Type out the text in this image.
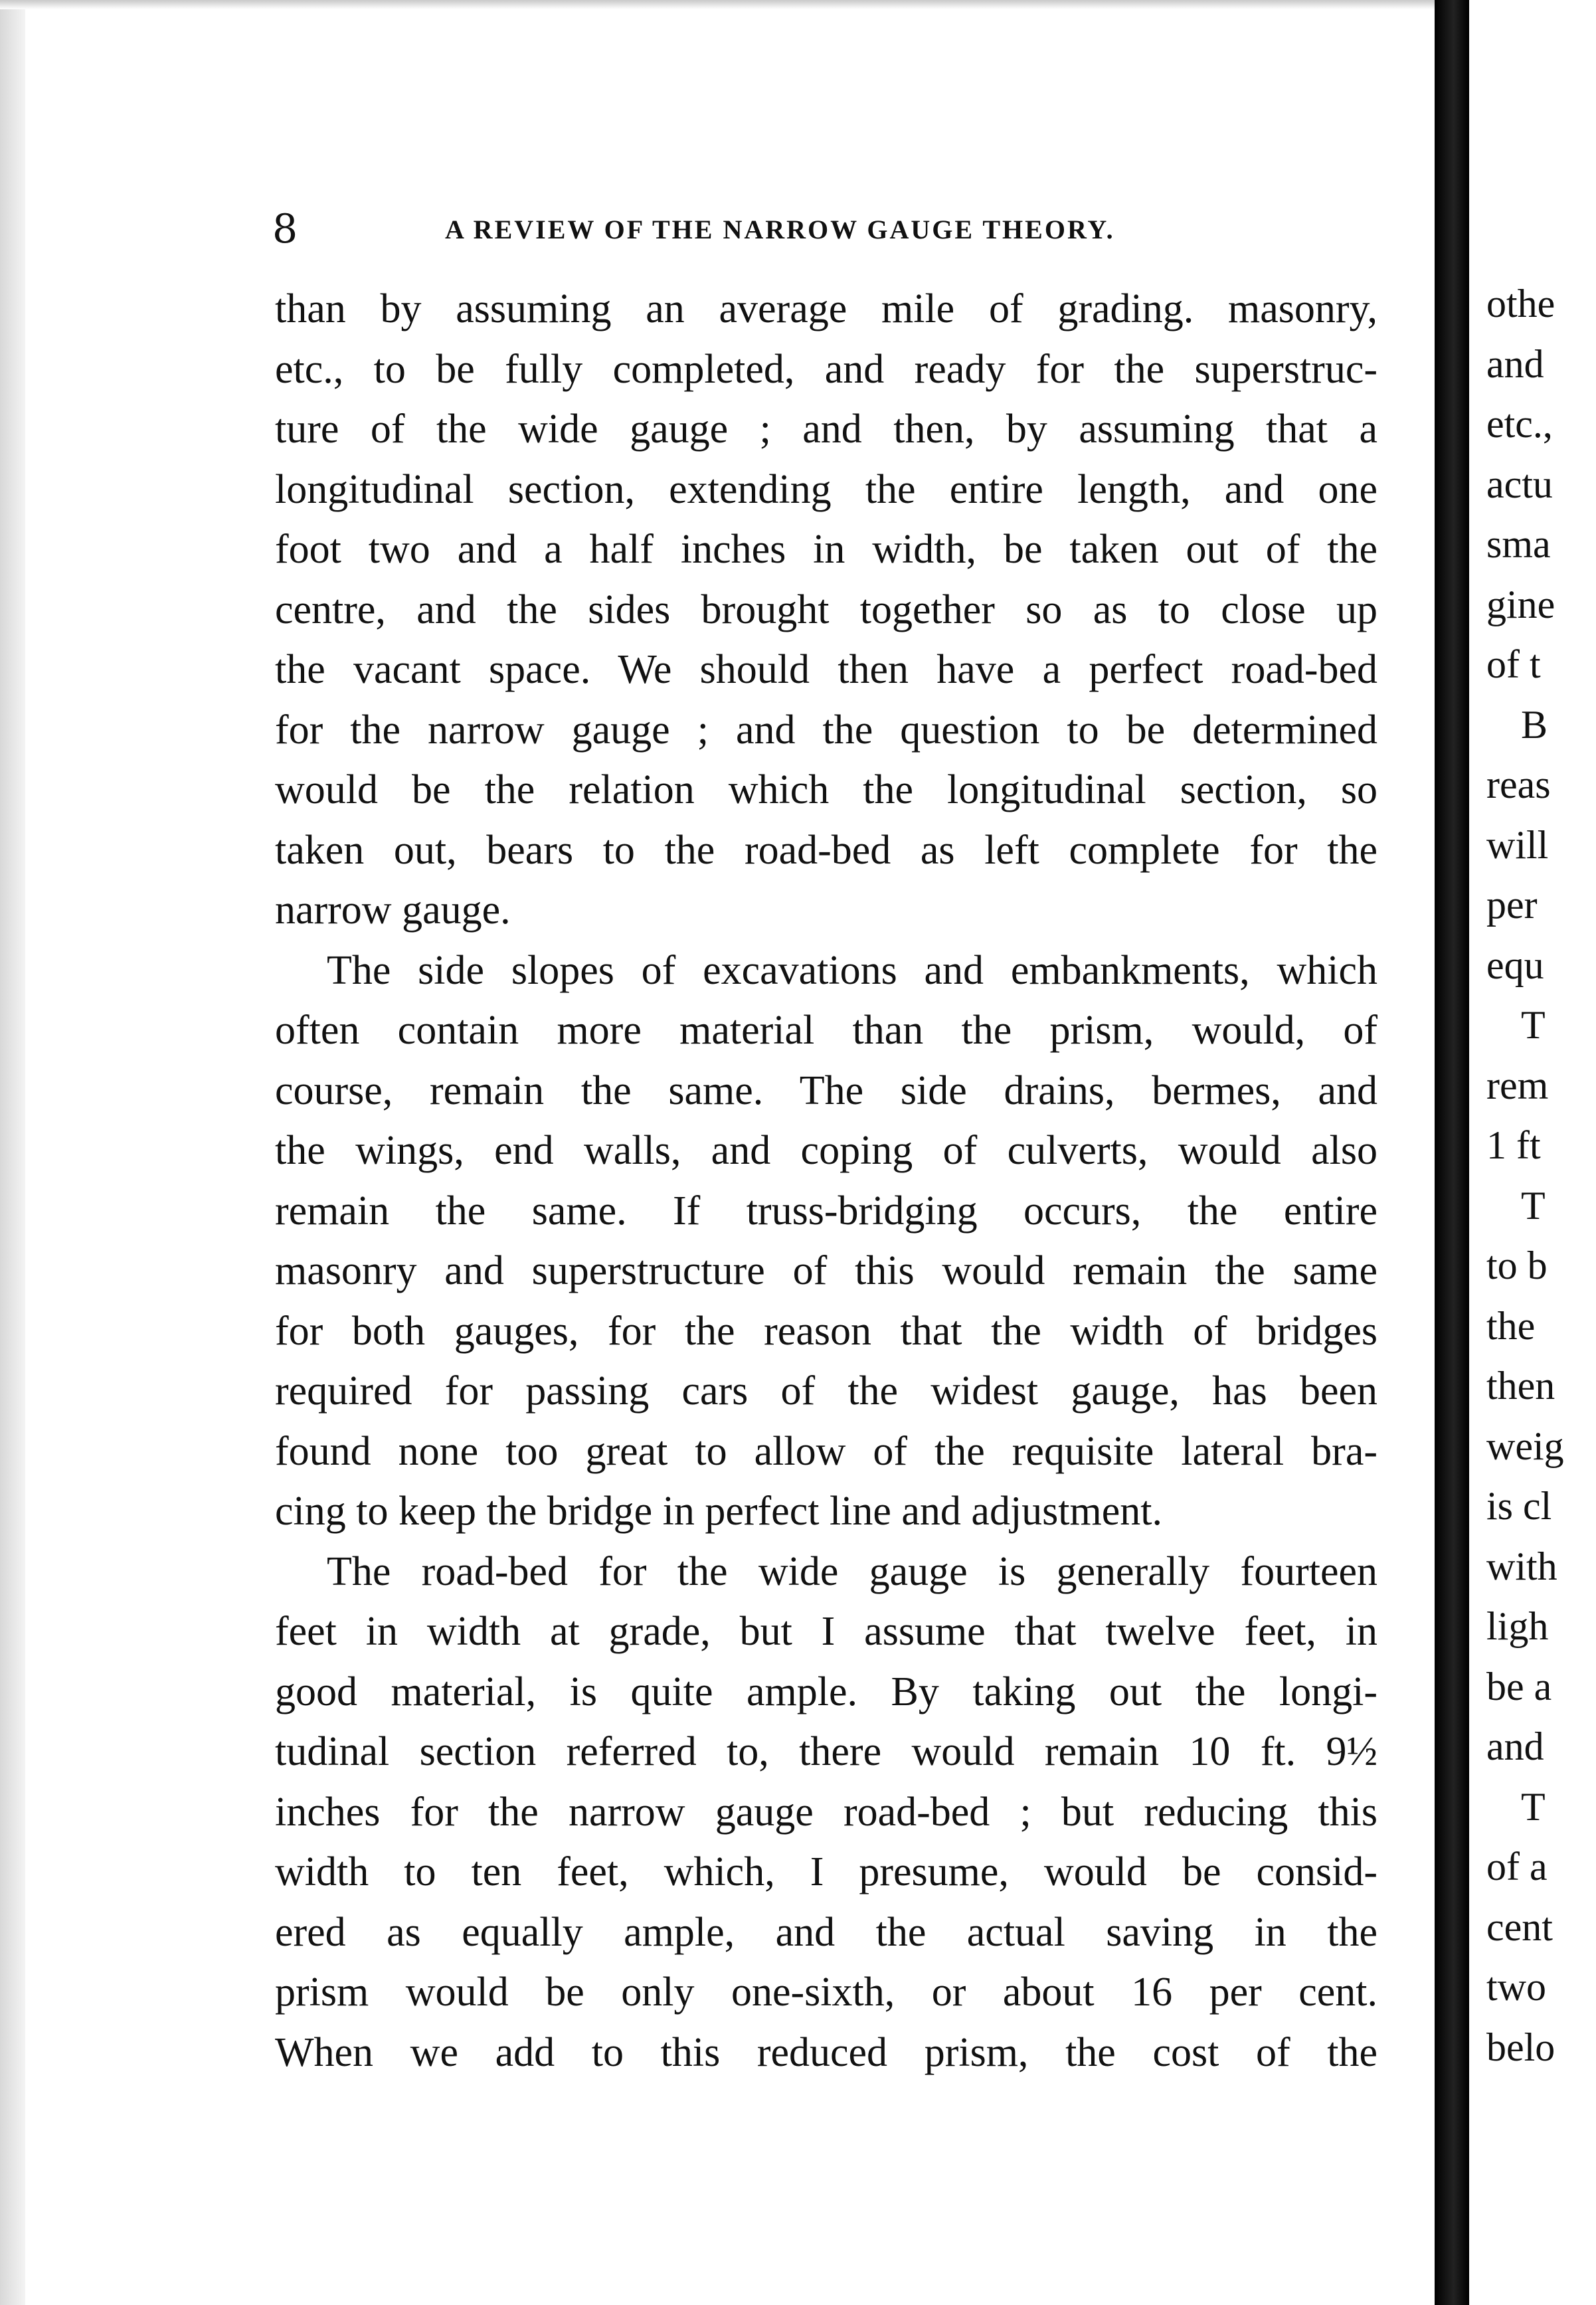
8	A REVIEW OF THE NARROW GAUGE THEORY.
than by assuming an average mile of grading. masonry,
etc., to be fully completed, and ready for the superstruc-
ture of the wide gauge ; and then, by assuming that a
longitudinal section, extending the entire length, and one
foot two and a half inches in width, be taken out of the
centre, and the sides brought together so as to close up
the vacant space. We should then have a perfect road-bed
for the narrow gauge ; and the question to be determined
would be the relation which the longitudinal section, so
taken out, bears to the road-bed as left complete for the
narrow gauge.
The side slopes of excavations and embankments, which
often contain more material than the prism, would, of
course, remain the same. The side drains, bermes, and
the wings, end walls, and coping of culverts, would also
remain the same. If truss-bridging occurs, the entire
masonry and superstructure of this would remain the same
for both gauges, for the reason that the width of bridges
required for passing cars of the widest gauge, has been
found none too great to allow of the requisite lateral bra-
cing to keep the bridge in perfect line and adjustment.
The road-bed for the wide gauge is generally fourteen
feet in width at grade, but I assume that twelve feet, in
good material, is quite ample. By taking out the longi-
tudinal section referred to, there would remain 10 ft. 9½
inches for the narrow gauge road-bed ; but reducing this
width to ten feet, which, I presume, would be consid-
ered as equally ample, and the actual saving in the
prism would be only one-sixth, or about 16 per cent.
When we add to this reduced prism, the cost of the
othe
and
etc.,
actu
sma
gine
of t
B
reas
will
per
equ
T
rem
1 ft
T
to b
the
then
weig
is cl
with
ligh
be a
and
T
of a
cent
two
belo
